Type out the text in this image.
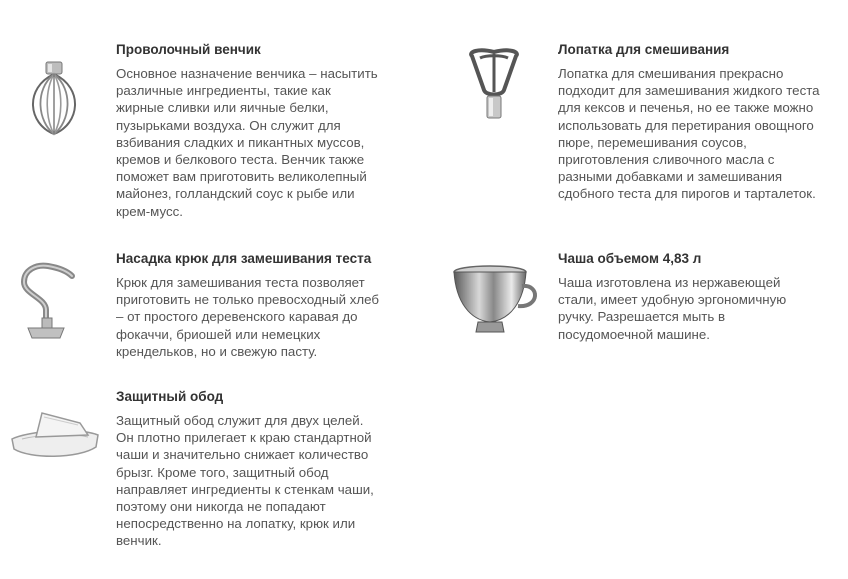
Проволочный венчик

Основное назначение венчика – насытить
различные ингредиенты, такие как
жирные сливки или яичные белки,
пузырьками воздуха. Он служит для
взбивания сладких и пикантных муссов,
кремов и белкового теста. Венчик также
поможет вам приготовить великолепный
майонез, голландский соус к рыбе или
крем-мусс.

Лопатка для смешивания

Лопатка для смешивания прекрасно
подходит для замешивания жидкого теста
для кексов и печенья, но ее также можно
использовать для перетирания овощного
пюре, перемешивания соусов,
приготовления сливочного масла с
разными добавками и замешивания
сдобного теста для пирогов и тарталеток.

Насадка крюк для замешивания теста

Крюк для замешивания теста позволяет
приготовить не только превосходный хлеб
– от простого деревенского каравая до
фокаччи, бриошей или немецких
кренделькoв, но и свежую пасту.

Чаша объемом 4,83 л

Чаша изготовлена из нержавеющей
стали, имеет удобную эргономичную
ручку. Разрешается мыть в
посудомоечной машине.

Защитный обод

Защитный обод служит для двух целей.
Он плотно прилегает к краю стандартной
чаши и значительно снижает количество
брызг. Кроме того, защитный обод
направляет ингредиенты к стенкам чаши,
поэтому они никогда не попадают
непосредственно на лопатку, крюк или
венчик.
